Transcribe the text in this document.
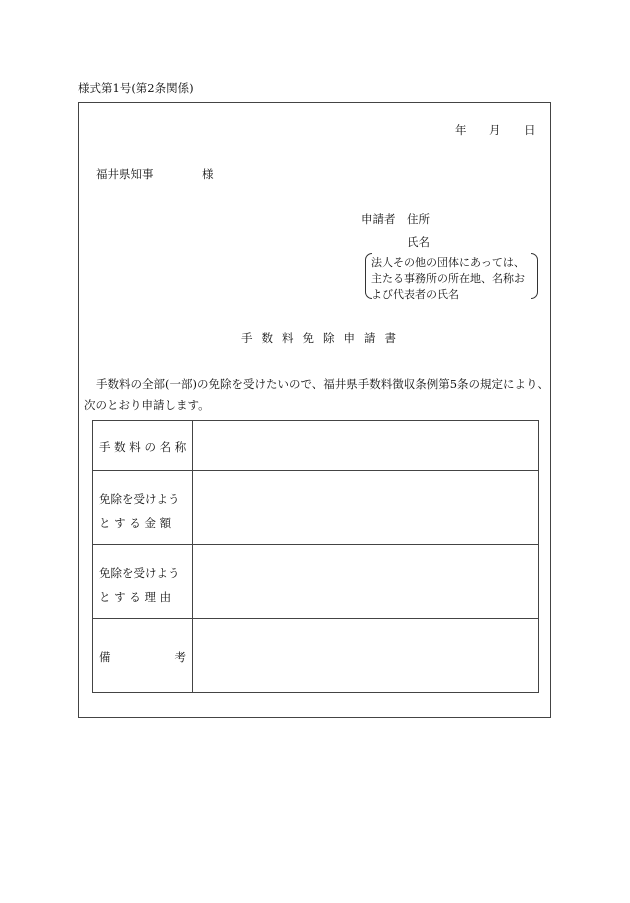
様式第1号(第2条関係)
年 月 日
福井県知事	様
申請者 住所
氏名
法人その他の団体にあっては、
主たる事務所の所在地、名称お
よび代表者の氏名
手数料免除申請書
手数料の全部(一部)の免除を受けたいので、福井県手数料徴収条例第5条の規定により、
次のとおり申請します。
手 数 料 の 名 称	

免除を受けよう
と す る 金 額	

免除を受けよう
と す る 理 由	

備 考	
